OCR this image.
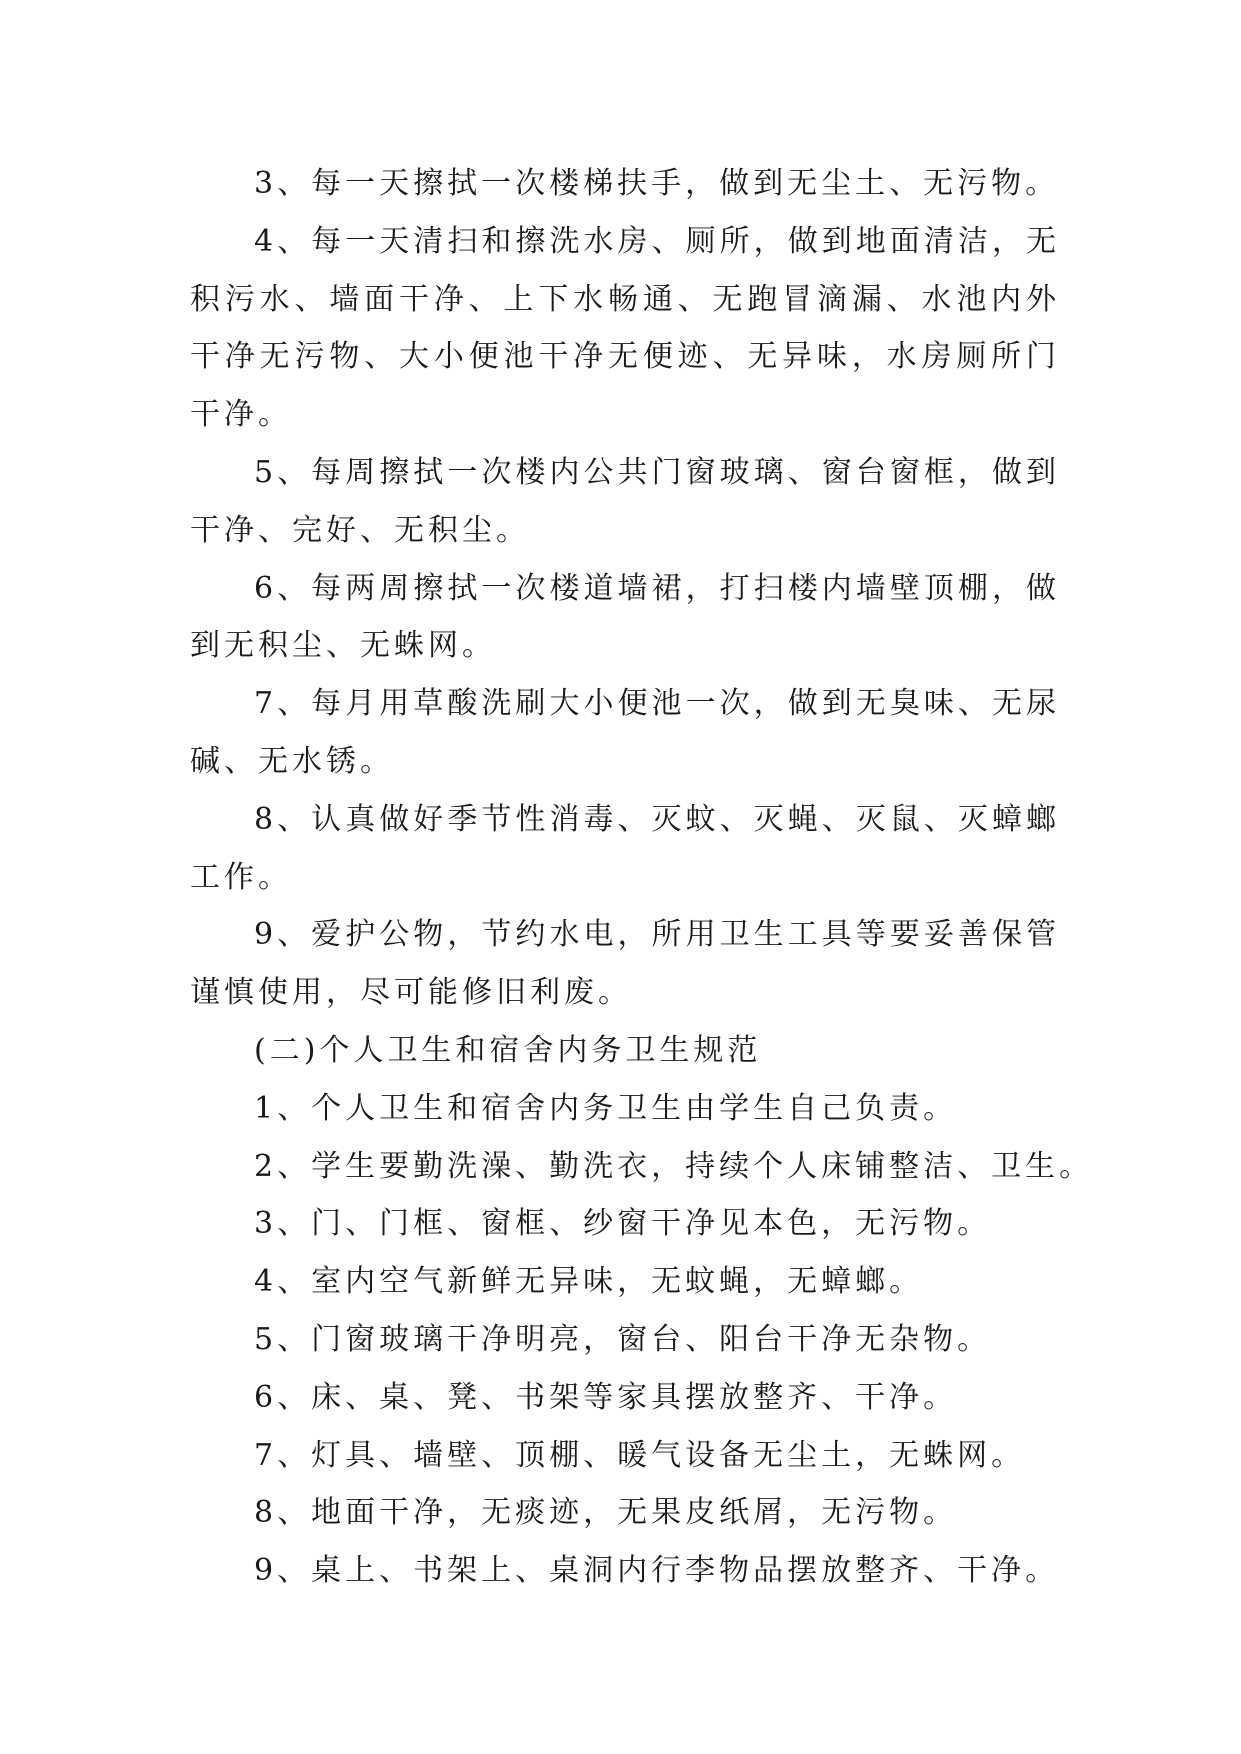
3、每一天擦拭一次楼梯扶手，做到无尘土、无污物。

4、每一天清扫和擦洗水房、厕所，做到地面清洁，无积污水、墙面干净、上下水畅通、无跑冒滴漏、水池内外干净无污物、大小便池干净无便迹、无异味，水房厕所门干净。

5、每周擦拭一次楼内公共门窗玻璃、窗台窗框，做到干净、完好、无积尘。

6、每两周擦拭一次楼道墙裙，打扫楼内墙壁顶棚，做到无积尘、无蛛网。

7、每月用草酸洗刷大小便池一次，做到无臭味、无尿碱、无水锈。

8、认真做好季节性消毒、灭蚊、灭蝇、灭鼠、灭蟑螂工作。

9、爱护公物，节约水电，所用卫生工具等要妥善保管谨慎使用，尽可能修旧利废。

(二)个人卫生和宿舍内务卫生规范

1、个人卫生和宿舍内务卫生由学生自己负责。

2、学生要勤洗澡、勤洗衣，持续个人床铺整洁、卫生。

3、门、门框、窗框、纱窗干净见本色，无污物。

4、室内空气新鲜无异味，无蚊蝇，无蟑螂。

5、门窗玻璃干净明亮，窗台、阳台干净无杂物。

6、床、桌、凳、书架等家具摆放整齐、干净。

7、灯具、墙壁、顶棚、暖气设备无尘土，无蛛网。

8、地面干净，无痰迹，无果皮纸屑，无污物。

9、桌上、书架上、桌洞内行李物品摆放整齐、干净。
